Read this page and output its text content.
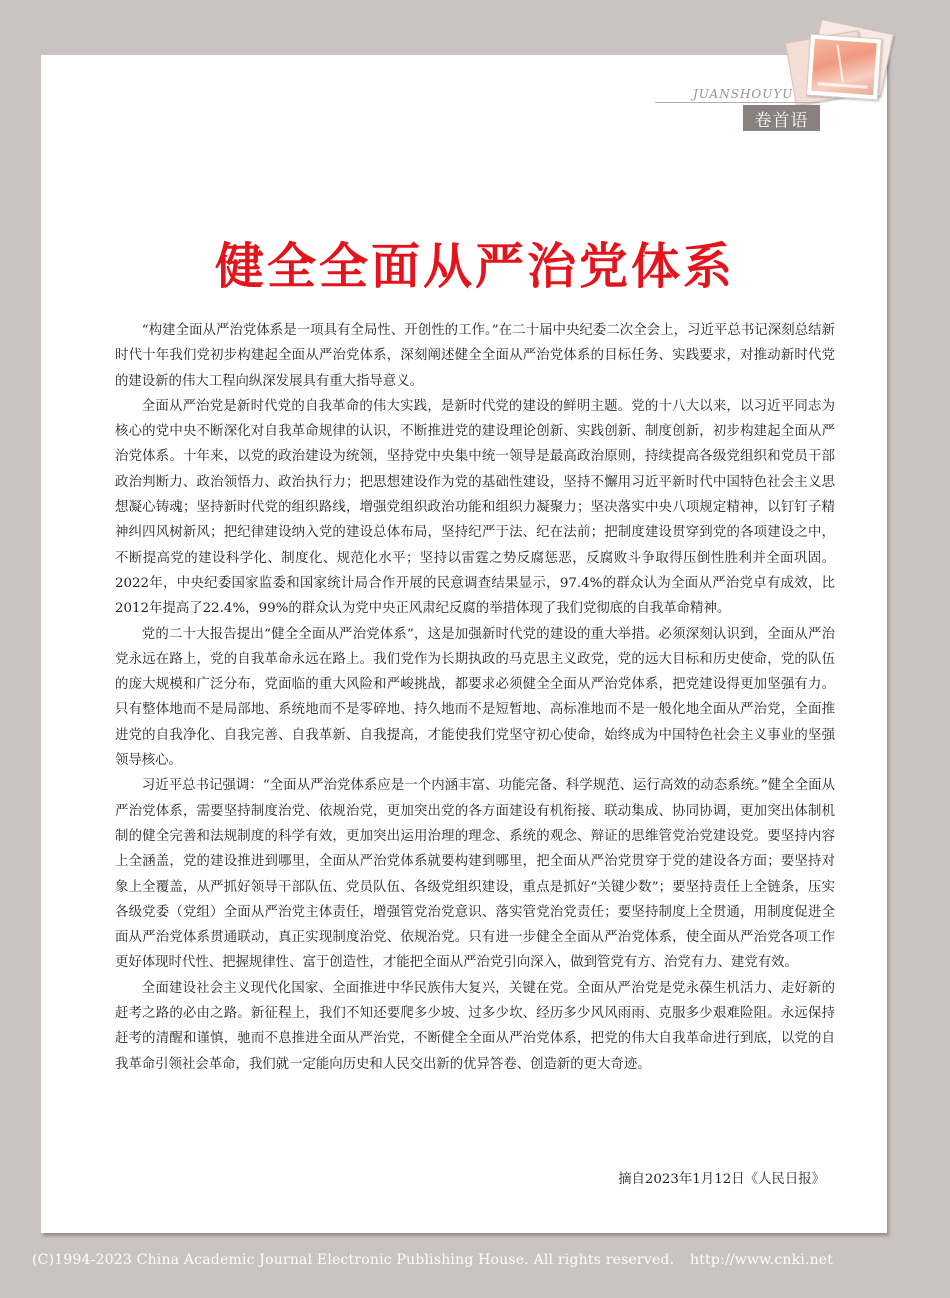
JUANSHOUYU
卷首语
健全全面从严治党体系

“构建全面从严治党体系是一项具有全局性、开创性的工作。”在二十届中央纪委二次全会上，习近平总书记深刻总结新时代十年我们党初步构建起全面从严治党体系，深刻阐述健全全面从严治党体系的目标任务、实践要求，对推动新时代党的建设新的伟大工程向纵深发展具有重大指导意义。

全面从严治党是新时代党的自我革命的伟大实践，是新时代党的建设的鲜明主题。党的十八大以来，以习近平同志为核心的党中央不断深化对自我革命规律的认识，不断推进党的建设理论创新、实践创新、制度创新，初步构建起全面从严治党体系。十年来，以党的政治建设为统领，坚持党中央集中统一领导是最高政治原则，持续提高各级党组织和党员干部政治判断力、政治领悟力、政治执行力；把思想建设作为党的基础性建设，坚持不懈用习近平新时代中国特色社会主义思想凝心铸魂；坚持新时代党的组织路线，增强党组织政治功能和组织力凝聚力；坚决落实中央八项规定精神，以钉钉子精神纠四风树新风；把纪律建设纳入党的建设总体布局，坚持纪严于法、纪在法前；把制度建设贯穿到党的各项建设之中，不断提高党的建设科学化、制度化、规范化水平；坚持以雷霆之势反腐惩恶，反腐败斗争取得压倒性胜利并全面巩固。2022年，中央纪委国家监委和国家统计局合作开展的民意调查结果显示，97.4%的群众认为全面从严治党卓有成效，比2012年提高了22.4%，99%的群众认为党中央正风肃纪反腐的举措体现了我们党彻底的自我革命精神。

党的二十大报告提出“健全全面从严治党体系”，这是加强新时代党的建设的重大举措。必须深刻认识到，全面从严治党永远在路上，党的自我革命永远在路上。我们党作为长期执政的马克思主义政党，党的远大目标和历史使命，党的队伍的庞大规模和广泛分布，党面临的重大风险和严峻挑战，都要求必须健全全面从严治党体系，把党建设得更加坚强有力。只有整体地而不是局部地、系统地而不是零碎地、持久地而不是短暂地、高标准地而不是一般化地全面从严治党，全面推进党的自我净化、自我完善、自我革新、自我提高，才能使我们党坚守初心使命，始终成为中国特色社会主义事业的坚强领导核心。

习近平总书记强调：“全面从严治党体系应是一个内涵丰富、功能完备、科学规范、运行高效的动态系统。”健全全面从严治党体系，需要坚持制度治党、依规治党，更加突出党的各方面建设有机衔接、联动集成、协同协调，更加突出体制机制的健全完善和法规制度的科学有效，更加突出运用治理的理念、系统的观念、辩证的思维管党治党建设党。要坚持内容上全涵盖，党的建设推进到哪里，全面从严治党体系就要构建到哪里，把全面从严治党贯穿于党的建设各方面；要坚持对象上全覆盖，从严抓好领导干部队伍、党员队伍、各级党组织建设，重点是抓好“关键少数”；要坚持责任上全链条，压实各级党委（党组）全面从严治党主体责任，增强管党治党意识、落实管党治党责任；要坚持制度上全贯通，用制度促进全面从严治党体系贯通联动，真正实现制度治党、依规治党。只有进一步健全全面从严治党体系，使全面从严治党各项工作更好体现时代性、把握规律性、富于创造性，才能把全面从严治党引向深入，做到管党有方、治党有力、建党有效。

全面建设社会主义现代化国家、全面推进中华民族伟大复兴，关键在党。全面从严治党是党永葆生机活力、走好新的赶考之路的必由之路。新征程上，我们不知还要爬多少坡、过多少坎、经历多少风风雨雨、克服多少艰难险阻。永远保持赶考的清醒和谨慎，驰而不息推进全面从严治党，不断健全全面从严治党体系，把党的伟大自我革命进行到底，以党的自我革命引领社会革命，我们就一定能向历史和人民交出新的优异答卷、创造新的更大奇迹。

摘自2023年1月12日《人民日报》
(C)1994-2023 China Academic Journal Electronic Publishing House. All rights reserved. http://www.cnki.net
